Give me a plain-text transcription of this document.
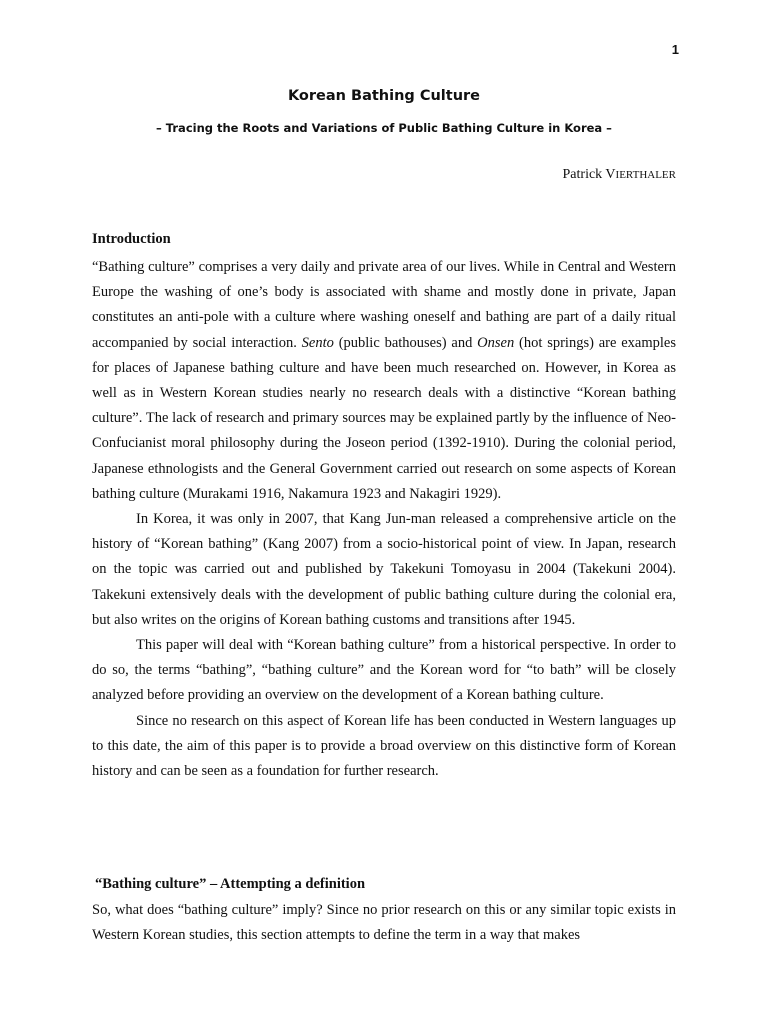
1
Korean Bathing Culture
– Tracing the Roots and Variations of Public Bathing Culture in Korea –
Patrick VIERTHALER
Introduction

“Bathing culture” comprises a very daily and private area of our lives. While in Central and Western Europe the washing of one’s body is associated with shame and mostly done in private, Japan constitutes an anti-pole with a culture where washing oneself and bathing are part of a daily ritual accompanied by social interaction. Sento (public bathouses) and Onsen (hot springs) are examples for places of Japanese bathing culture and have been much researched on. However, in Korea as well as in Western Korean studies nearly no research deals with a distinctive “Korean bathing culture”. The lack of research and primary sources may be explained partly by the influence of Neo-Confucianist moral philosophy during the Joseon period (1392-1910). During the colonial period, Japanese ethnologists and the General Government carried out research on some aspects of Korean bathing culture (Murakami 1916, Nakamura 1923 and Nakagiri 1929).

In Korea, it was only in 2007, that Kang Jun-man released a comprehensive article on the history of “Korean bathing” (Kang 2007) from a socio-historical point of view. In Japan, research on the topic was carried out and published by Takekuni Tomoyasu in 2004 (Takekuni 2004). Takekuni extensively deals with the development of public bathing culture during the colonial era, but also writes on the origins of Korean bathing customs and transitions after 1945.

This paper will deal with “Korean bathing culture” from a historical perspective. In order to do so, the terms “bathing”, “bathing culture” and the Korean word for “to bath” will be closely analyzed before providing an overview on the development of a Korean bathing culture.

Since no research on this aspect of Korean life has been conducted in Western languages up to this date, the aim of this paper is to provide a broad overview on this distinctive form of Korean history and can be seen as a foundation for further research.

“Bathing culture” – Attempting a definition

So, what does “bathing culture” imply? Since no prior research on this or any similar topic exists in Western Korean studies, this section attempts to define the term in a way that makes
